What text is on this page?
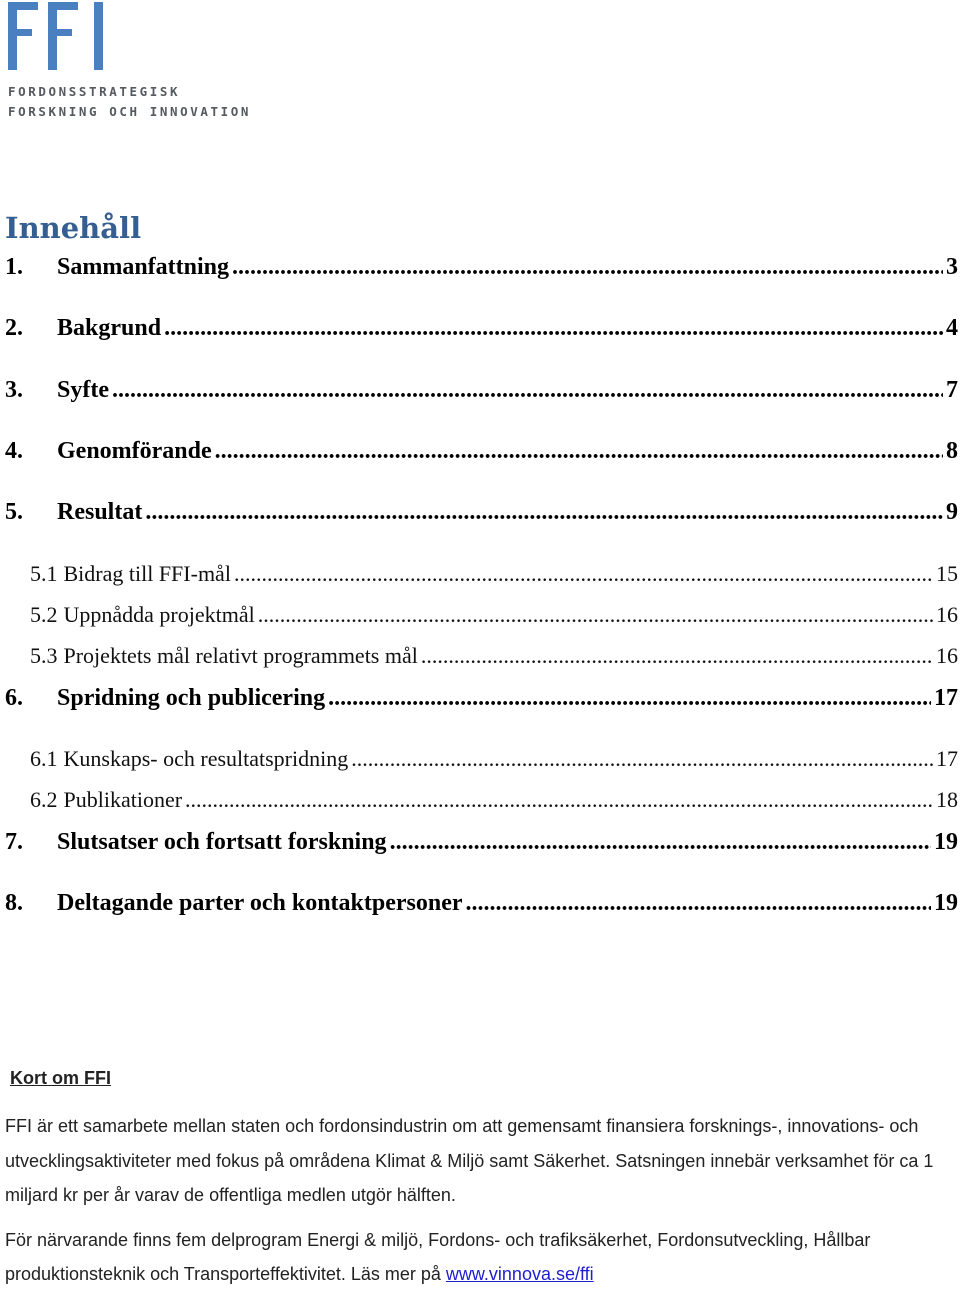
FORDONSSTRATEGISK
FORSKNING OCH INNOVATION
Innehåll
1.	Sammanfattning .....	3
2.	Bakgrund .....	4
3.	Syfte .....	7
4.	Genomförande .....	8
5.	Resultat .....	9
5.1 Bidrag till FFI-mål .....	15
5.2 Uppnådda projektmål .....	16
5.3 Projektets mål relativt programmets mål .....	16
6.	Spridning och publicering .....	17
6.1 Kunskaps- och resultatspridning .....	17
6.2 Publikationer .....	18
7.	Slutsatser och fortsatt forskning .....	19
8.	Deltagande parter och kontaktpersoner .....	19
Kort om FFI

FFI är ett samarbete mellan staten och fordonsindustrin om att gemensamt finansiera forsknings-, innovations- och utvecklingsaktiviteter med fokus på områdena Klimat & Miljö samt Säkerhet. Satsningen innebär verksamhet för ca 1 miljard kr per år varav de offentliga medlen utgör hälften.

För närvarande finns fem delprogram Energi & miljö, Fordons- och trafiksäkerhet, Fordonsutveckling, Hållbar produktionsteknik och Transporteffektivitet. Läs mer på www.vinnova.se/ffi
